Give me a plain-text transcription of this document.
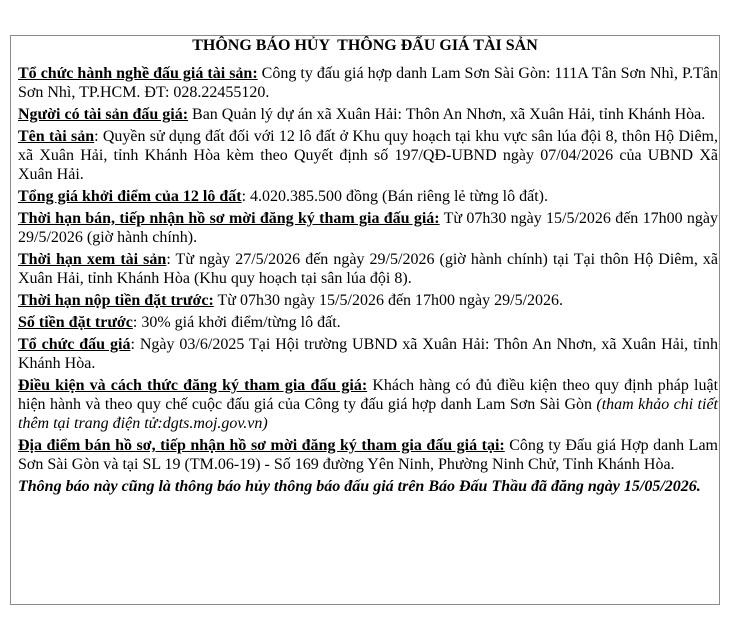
THÔNG BÁO HỦY  THÔNG ĐẤU GIÁ TÀI SẢN

Tổ chức hành nghề đấu giá tài sản: Công ty đấu giá hợp danh Lam Sơn Sài Gòn: 111A Tân Sơn Nhì, P.Tân Sơn Nhì, TP.HCM. ĐT: 028.22455120.

Người có tài sản đấu giá: Ban Quản lý dự án xã Xuân Hải: Thôn An Nhơn, xã Xuân Hải, tỉnh Khánh Hòa.

Tên tài sản: Quyền sử dụng đất đối với 12 lô đất ở Khu quy hoạch tại khu vực sân lúa đội 8, thôn Hộ Diêm, xã Xuân Hải, tỉnh Khánh Hòa kèm theo Quyết định số 197/QĐ-UBND ngày 07/04/2026 của UBND Xã Xuân Hải.

Tổng giá khởi điểm của 12 lô đất: 4.020.385.500 đồng (Bán riêng lẻ từng lô đất).

Thời hạn bán, tiếp nhận hồ sơ mời đăng ký tham gia đấu giá: Từ 07h30 ngày 15/5/2026 đến 17h00 ngày 29/5/2026 (giờ hành chính).

Thời hạn xem tài sản: Từ ngày 27/5/2026 đến ngày 29/5/2026 (giờ hành chính) tại Tại thôn Hộ Diêm, xã Xuân Hải, tỉnh Khánh Hòa (Khu quy hoạch tại sân lúa đội 8).

Thời hạn nộp tiền đặt trước: Từ 07h30 ngày 15/5/2026 đến 17h00 ngày 29/5/2026.

Số tiền đặt trước: 30% giá khởi điểm/từng lô đất.

Tổ chức đấu giá: Ngày 03/6/2025 Tại Hội trường UBND xã Xuân Hải: Thôn An Nhơn, xã Xuân Hải, tỉnh Khánh Hòa.

Điều kiện và cách thức đăng ký tham gia đấu giá: Khách hàng có đủ điều kiện theo quy định pháp luật hiện hành và theo quy chế cuộc đấu giá của Công ty đấu giá hợp danh Lam Sơn Sài Gòn (tham khảo chi tiết thêm tại trang điện tử:dgts.moj.gov.vn)

Địa điểm bán hồ sơ, tiếp nhận hồ sơ mời đăng ký tham gia đấu giá tại: Công ty Đấu giá Hợp danh Lam Sơn Sài Gòn và tại SL 19 (TM.06-19) - Số 169 đường Yên Ninh, Phường Ninh Chử, Tỉnh Khánh Hòa.

Thông báo này cũng là thông báo hủy thông báo đấu giá trên Báo Đấu Thầu đã đăng ngày 15/05/2026.
